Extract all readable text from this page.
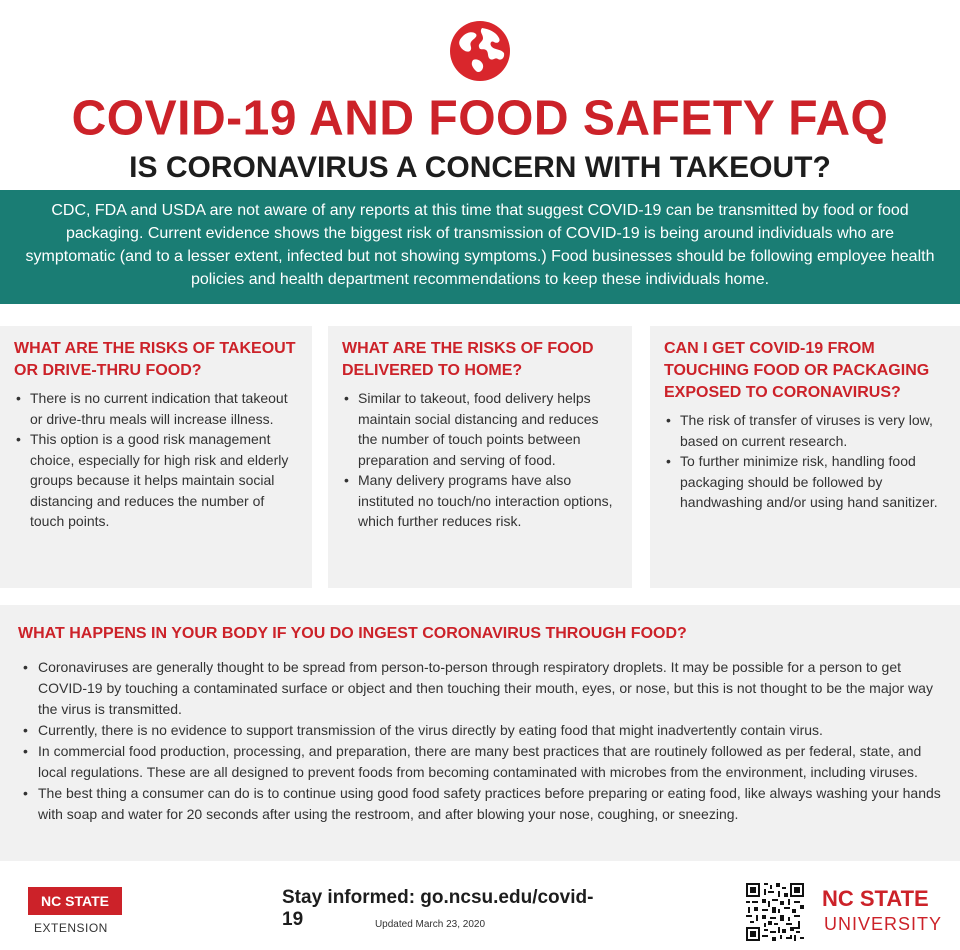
COVID-19 AND FOOD SAFETY FAQ
IS CORONAVIRUS A CONCERN WITH TAKEOUT?

CDC, FDA and USDA are not aware of any reports at this time that suggest COVID-19 can be transmitted by food or food packaging. Current evidence shows the biggest risk of transmission of COVID-19 is being around individuals who are symptomatic (and to a lesser extent, infected but not showing symptoms.) Food businesses should be following employee health policies and health department recommendations to keep these individuals home.

WHAT ARE THE RISKS OF TAKEOUT OR DRIVE-THRU FOOD?
• There is no current indication that takeout or drive-thru meals will increase illness.
• This option is a good risk management choice, especially for high risk and elderly groups because it helps maintain social distancing and reduces the number of touch points.
WHAT ARE THE RISKS OF FOOD DELIVERED TO HOME?
• Similar to takeout, food delivery helps maintain social distancing and reduces the number of touch points between preparation and serving of food.
• Many delivery programs have also instituted no touch/no interaction options, which further reduces risk.
CAN I GET COVID-19 FROM TOUCHING FOOD OR PACKAGING EXPOSED TO CORONAVIRUS?
• The risk of transfer of viruses is very low, based on current research.
• To further minimize risk, handling food packaging should be followed by handwashing and/or using hand sanitizer.
WHAT HAPPENS IN YOUR BODY IF YOU DO INGEST CORONAVIRUS THROUGH FOOD?
• Coronaviruses are generally thought to be spread from person-to-person through respiratory droplets. It may be possible for a person to get COVID-19 by touching a contaminated surface or object and then touching their mouth, eyes, or nose, but this is not thought to be the major way the virus is transmitted.
• Currently, there is no evidence to support transmission of the virus directly by eating food that might inadvertently contain virus.
• In commercial food production, processing, and preparation, there are many best practices that are routinely followed as per federal, state, and local regulations. These are all designed to prevent foods from becoming contaminated with microbes from the environment, including viruses.
• The best thing a consumer can do is to continue using good food safety practices before preparing or eating food, like always washing your hands with soap and water for 20 seconds after using the restroom, and after blowing your nose, coughing, or sneezing.
NC STATE
EXTENSION
Stay informed: go.ncsu.edu/covid-19	Updated March 23, 2020
NC STATE
UNIVERSITY
